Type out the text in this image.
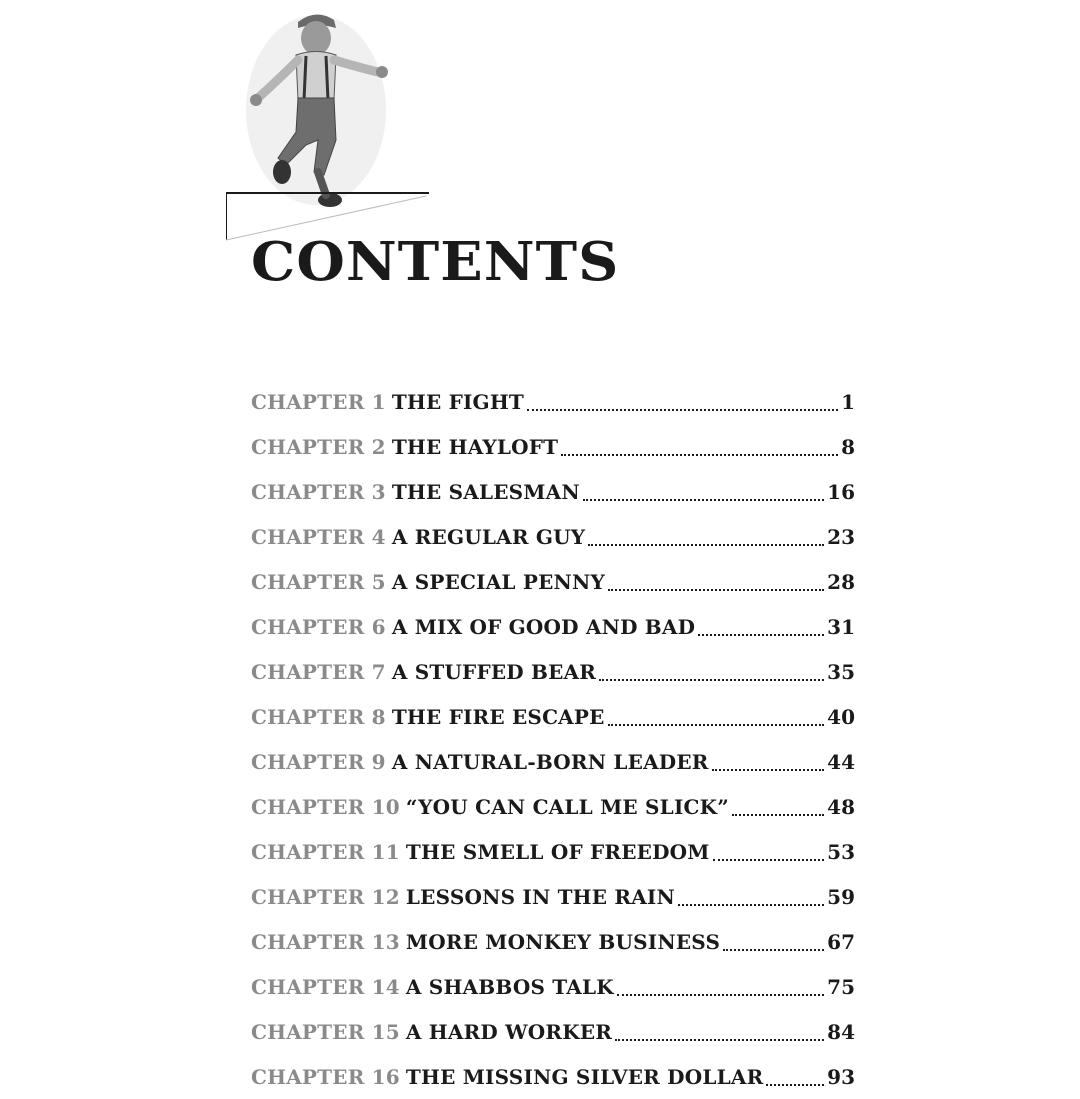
CONTENTS
CHAPTER 1 THE FIGHT	1
CHAPTER 2 THE HAYLOFT	8
CHAPTER 3 THE SALESMAN	16
CHAPTER 4 A REGULAR GUY	23
CHAPTER 5 A SPECIAL PENNY	28
CHAPTER 6 A MIX OF GOOD AND BAD	31
CHAPTER 7 A STUFFED BEAR	35
CHAPTER 8 THE FIRE ESCAPE	40
CHAPTER 9 A NATURAL-BORN LEADER	44
CHAPTER 10 “YOU CAN CALL ME SLICK”	48
CHAPTER 11 THE SMELL OF FREEDOM	53
CHAPTER 12 LESSONS IN THE RAIN	59
CHAPTER 13 MORE MONKEY BUSINESS	67
CHAPTER 14 A SHABBOS TALK	75
CHAPTER 15 A HARD WORKER	84
CHAPTER 16 THE MISSING SILVER DOLLAR	93
